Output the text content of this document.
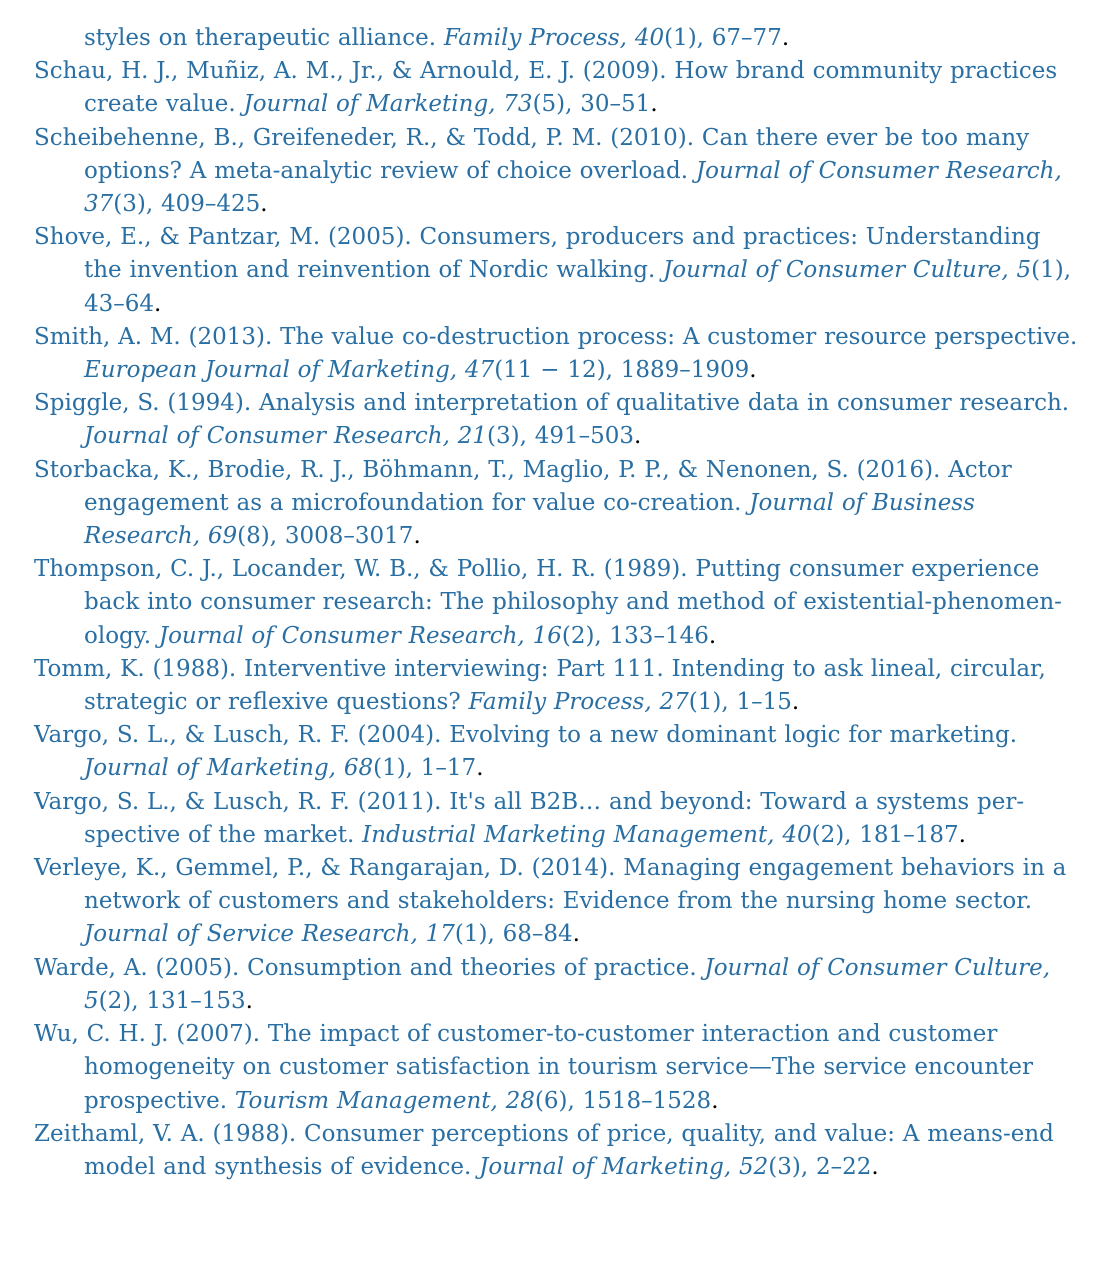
styles on therapeutic alliance. Family Process, 40(1), 67–77.

Schau, H. J., Muñiz, A. M., Jr., & Arnould, E. J. (2009). How brand community practices create value. Journal of Marketing, 73(5), 30–51.

Scheibehenne, B., Greifeneder, R., & Todd, P. M. (2010). Can there ever be too many options? A meta-analytic review of choice overload. Journal of Consumer Research, 37(3), 409–425.

Shove, E., & Pantzar, M. (2005). Consumers, producers and practices: Understanding the invention and reinvention of Nordic walking. Journal of Consumer Culture, 5(1), 43–64.

Smith, A. M. (2013). The value co-destruction process: A customer resource perspective. European Journal of Marketing, 47(11 − 12), 1889–1909.

Spiggle, S. (1994). Analysis and interpretation of qualitative data in consumer research. Journal of Consumer Research, 21(3), 491–503.

Storbacka, K., Brodie, R. J., Böhmann, T., Maglio, P. P., & Nenonen, S. (2016). Actor engagement as a microfoundation for value co-creation. Journal of Business Research, 69(8), 3008–3017.

Thompson, C. J., Locander, W. B., & Pollio, H. R. (1989). Putting consumer experience back into consumer research: The philosophy and method of existential-phenomenology. Journal of Consumer Research, 16(2), 133–146.

Tomm, K. (1988). Interventive interviewing: Part 111. Intending to ask lineal, circular, strategic or reflexive questions? Family Process, 27(1), 1–15.

Vargo, S. L., & Lusch, R. F. (2004). Evolving to a new dominant logic for marketing. Journal of Marketing, 68(1), 1–17.

Vargo, S. L., & Lusch, R. F. (2011). It's all B2B… and beyond: Toward a systems perspective of the market. Industrial Marketing Management, 40(2), 181–187.

Verleye, K., Gemmel, P., & Rangarajan, D. (2014). Managing engagement behaviors in a network of customers and stakeholders: Evidence from the nursing home sector. Journal of Service Research, 17(1), 68–84.

Warde, A. (2005). Consumption and theories of practice. Journal of Consumer Culture, 5(2), 131–153.

Wu, C. H. J. (2007). The impact of customer-to-customer interaction and customer homogeneity on customer satisfaction in tourism service—The service encounter prospective. Tourism Management, 28(6), 1518–1528.

Zeithaml, V. A. (1988). Consumer perceptions of price, quality, and value: A means-end model and synthesis of evidence. Journal of Marketing, 52(3), 2–22.
